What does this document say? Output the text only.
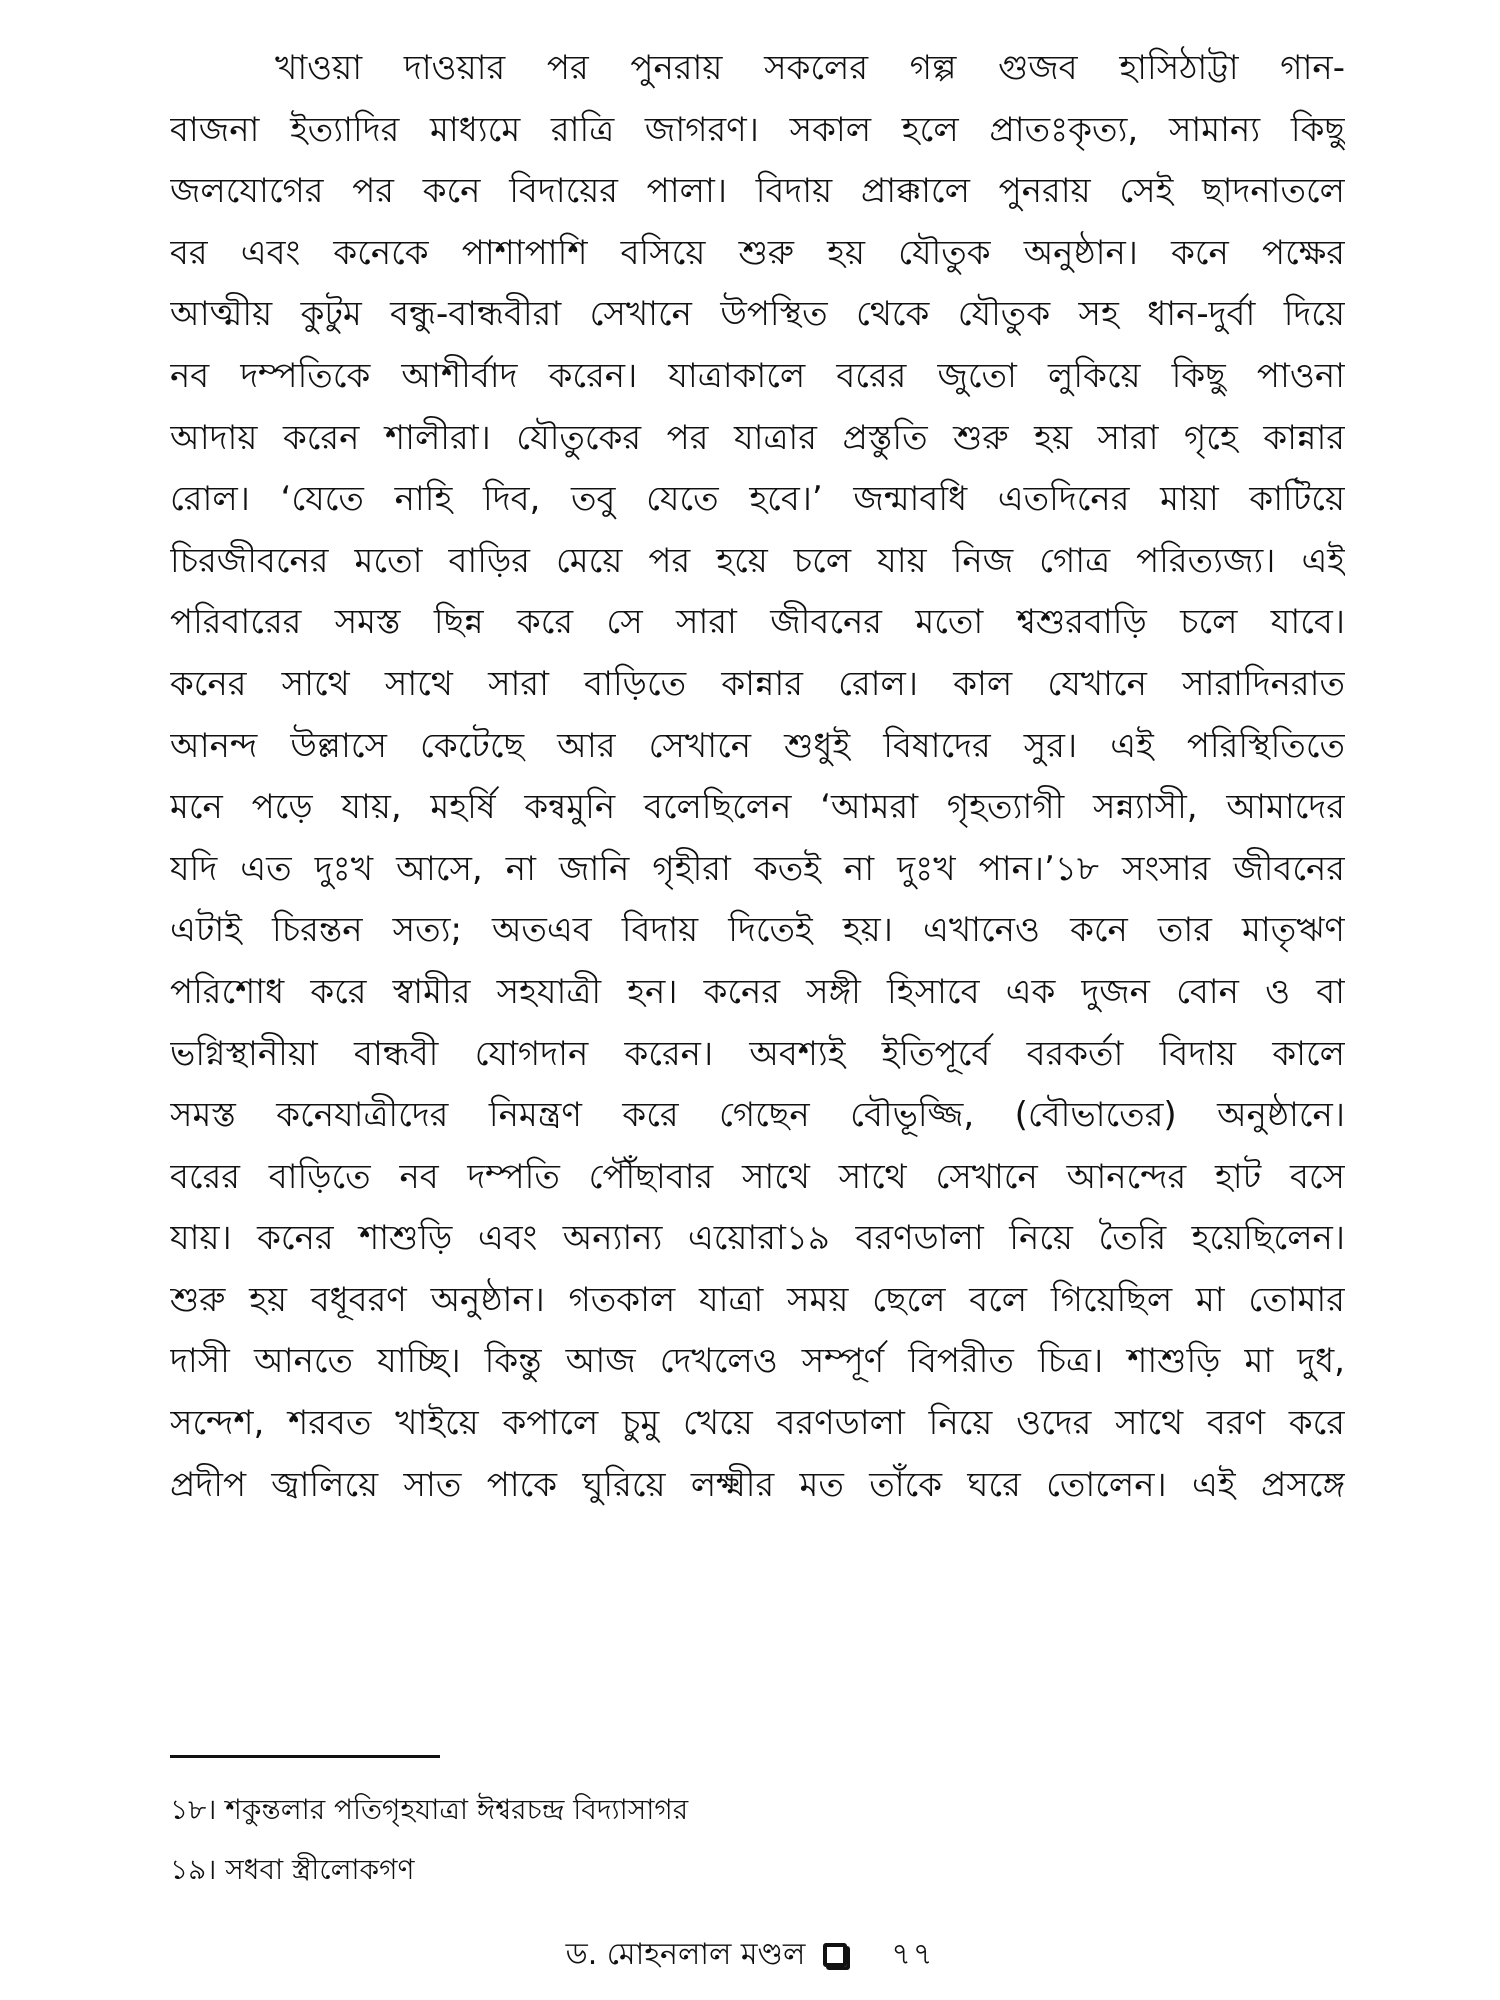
খাওয়া দাওয়ার পর পুনরায় সকলের গল্প গুজব হাসিঠাট্টা গান-
বাজনা ইত্যাদির মাধ্যমে রাত্রি জাগরণ। সকাল হলে প্রাতঃকৃত্য, সামান্য কিছু
জলযোগের পর কনে বিদায়ের পালা। বিদায় প্রাক্কালে পুনরায় সেই ছাদনাতলে
বর এবং কনেকে পাশাপাশি বসিয়ে শুরু হয় যৌতুক অনুষ্ঠান। কনে পক্ষের
আত্মীয় কুটুম বন্ধু-বান্ধবীরা সেখানে উপস্থিত থেকে যৌতুক সহ ধান-দুর্বা দিয়ে
নব দম্পতিকে আশীর্বাদ করেন। যাত্রাকালে বরের জুতো লুকিয়ে কিছু পাওনা
আদায় করেন শালীরা। যৌতুকের পর যাত্রার প্রস্তুতি শুরু হয় সারা গৃহে কান্নার
রোল। ‘যেতে নাহি দিব, তবু যেতে হবে।’ জন্মাবধি এতদিনের মায়া কাটিয়ে
চিরজীবনের মতো বাড়ির মেয়ে পর হয়ে চলে যায় নিজ গোত্র পরিত্যজ্য। এই
পরিবারের সমস্ত ছিন্ন করে সে সারা জীবনের মতো শ্বশুরবাড়ি চলে যাবে।
কনের সাথে সাথে সারা বাড়িতে কান্নার রোল। কাল যেখানে সারাদিনরাত
আনন্দ উল্লাসে কেটেছে আর সেখানে শুধুই বিষাদের সুর। এই পরিস্থিতিতে
মনে পড়ে যায়, মহর্ষি কন্বমুনি বলেছিলেন ‘আমরা গৃহত্যাগী সন্ন্যাসী, আমাদের
যদি এত দুঃখ আসে, না জানি গৃহীরা কতই না দুঃখ পান।’১৮ সংসার জীবনের
এটাই চিরন্তন সত্য; অতএব বিদায় দিতেই হয়। এখানেও কনে তার মাতৃঋণ
পরিশোধ করে স্বামীর সহযাত্রী হন। কনের সঙ্গী হিসাবে এক দুজন বোন ও বা
ভগ্নিস্থানীয়া বান্ধবী যোগদান করেন। অবশ্যই ইতিপূর্বে বরকর্তা বিদায় কালে
সমস্ত কনেযাত্রীদের নিমন্ত্রণ করে গেছেন বৌভূজ্জি, (বৌভাতের) অনুষ্ঠানে।
বরের বাড়িতে নব দম্পতি পৌঁছাবার সাথে সাথে সেখানে আনন্দের হাট বসে
যায়। কনের শাশুড়ি এবং অন্যান্য এয়োরা১৯ বরণডালা নিয়ে তৈরি হয়েছিলেন।
শুরু হয় বধূবরণ অনুষ্ঠান। গতকাল যাত্রা সময় ছেলে বলে গিয়েছিল মা তোমার
দাসী আনতে যাচ্ছি। কিন্তু আজ দেখলেও সম্পূর্ণ বিপরীত চিত্র। শাশুড়ি মা দুধ,
সন্দেশ, শরবত খাইয়ে কপালে চুমু খেয়ে বরণডালা নিয়ে ওদের সাথে বরণ করে
প্রদীপ জ্বালিয়ে সাত পাকে ঘুরিয়ে লক্ষ্মীর মত তাঁকে ঘরে তোলেন। এই প্রসঙ্গে
১৮। শকুন্তলার পতিগৃহযাত্রা ঈশ্বরচন্দ্র বিদ্যাসাগর
১৯। সধবা স্ত্রীলোকগণ
ড. মোহনলাল মণ্ডল	৭৭
